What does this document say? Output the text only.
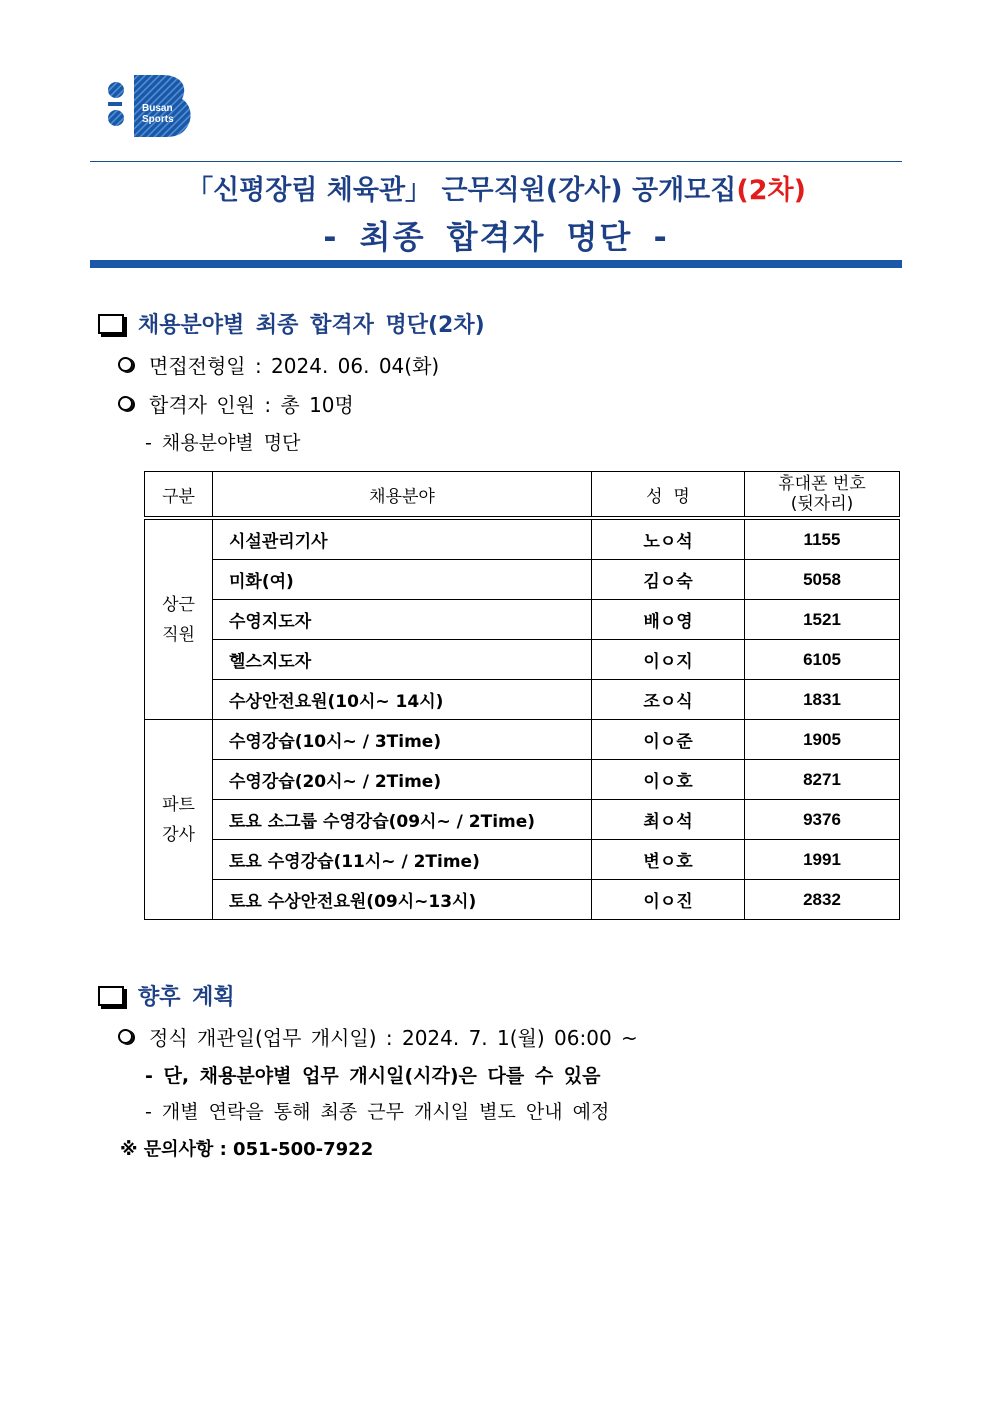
Busan
Sports
「신평장림 체육관」 근무직원(강사) 공개모집(2차)
- 최종 합격자 명단 -
채용분야별 최종 합격자 명단(2차)
면접전형일 : 2024. 06. 04(화)
합격자 인원 : 총 10명
- 채용분야별 명단
구분	채용분야	성  명	휴대폰 번호
(뒷자리)

상근
직원	시설관리기사	노ㅇ석	1155
	미화(여)	김ㅇ숙	5058
	수영지도자	배ㅇ영	1521
	헬스지도자	이ㅇ지	6105
	수상안전요원(10시~ 14시)	조ㅇ식	1831

파트
강사	수영강습(10시~ / 3Time)	이ㅇ준	1905
	수영강습(20시~ / 2Time)	이ㅇ호	8271
	토요 소그룹 수영강습(09시~ / 2Time)	최ㅇ석	9376
	토요 수영강습(11시~ / 2Time)	변ㅇ호	1991
	토요 수상안전요원(09시~13시)	이ㅇ진	2832
향후 계획
정식 개관일(업무 개시일) : 2024. 7. 1(월) 06:00 ~
- 단, 채용분야별 업무 개시일(시각)은 다를 수 있음
- 개별 연락을 통해 최종 근무 개시일 별도 안내 예정
※ 문의사항 : 051-500-7922
